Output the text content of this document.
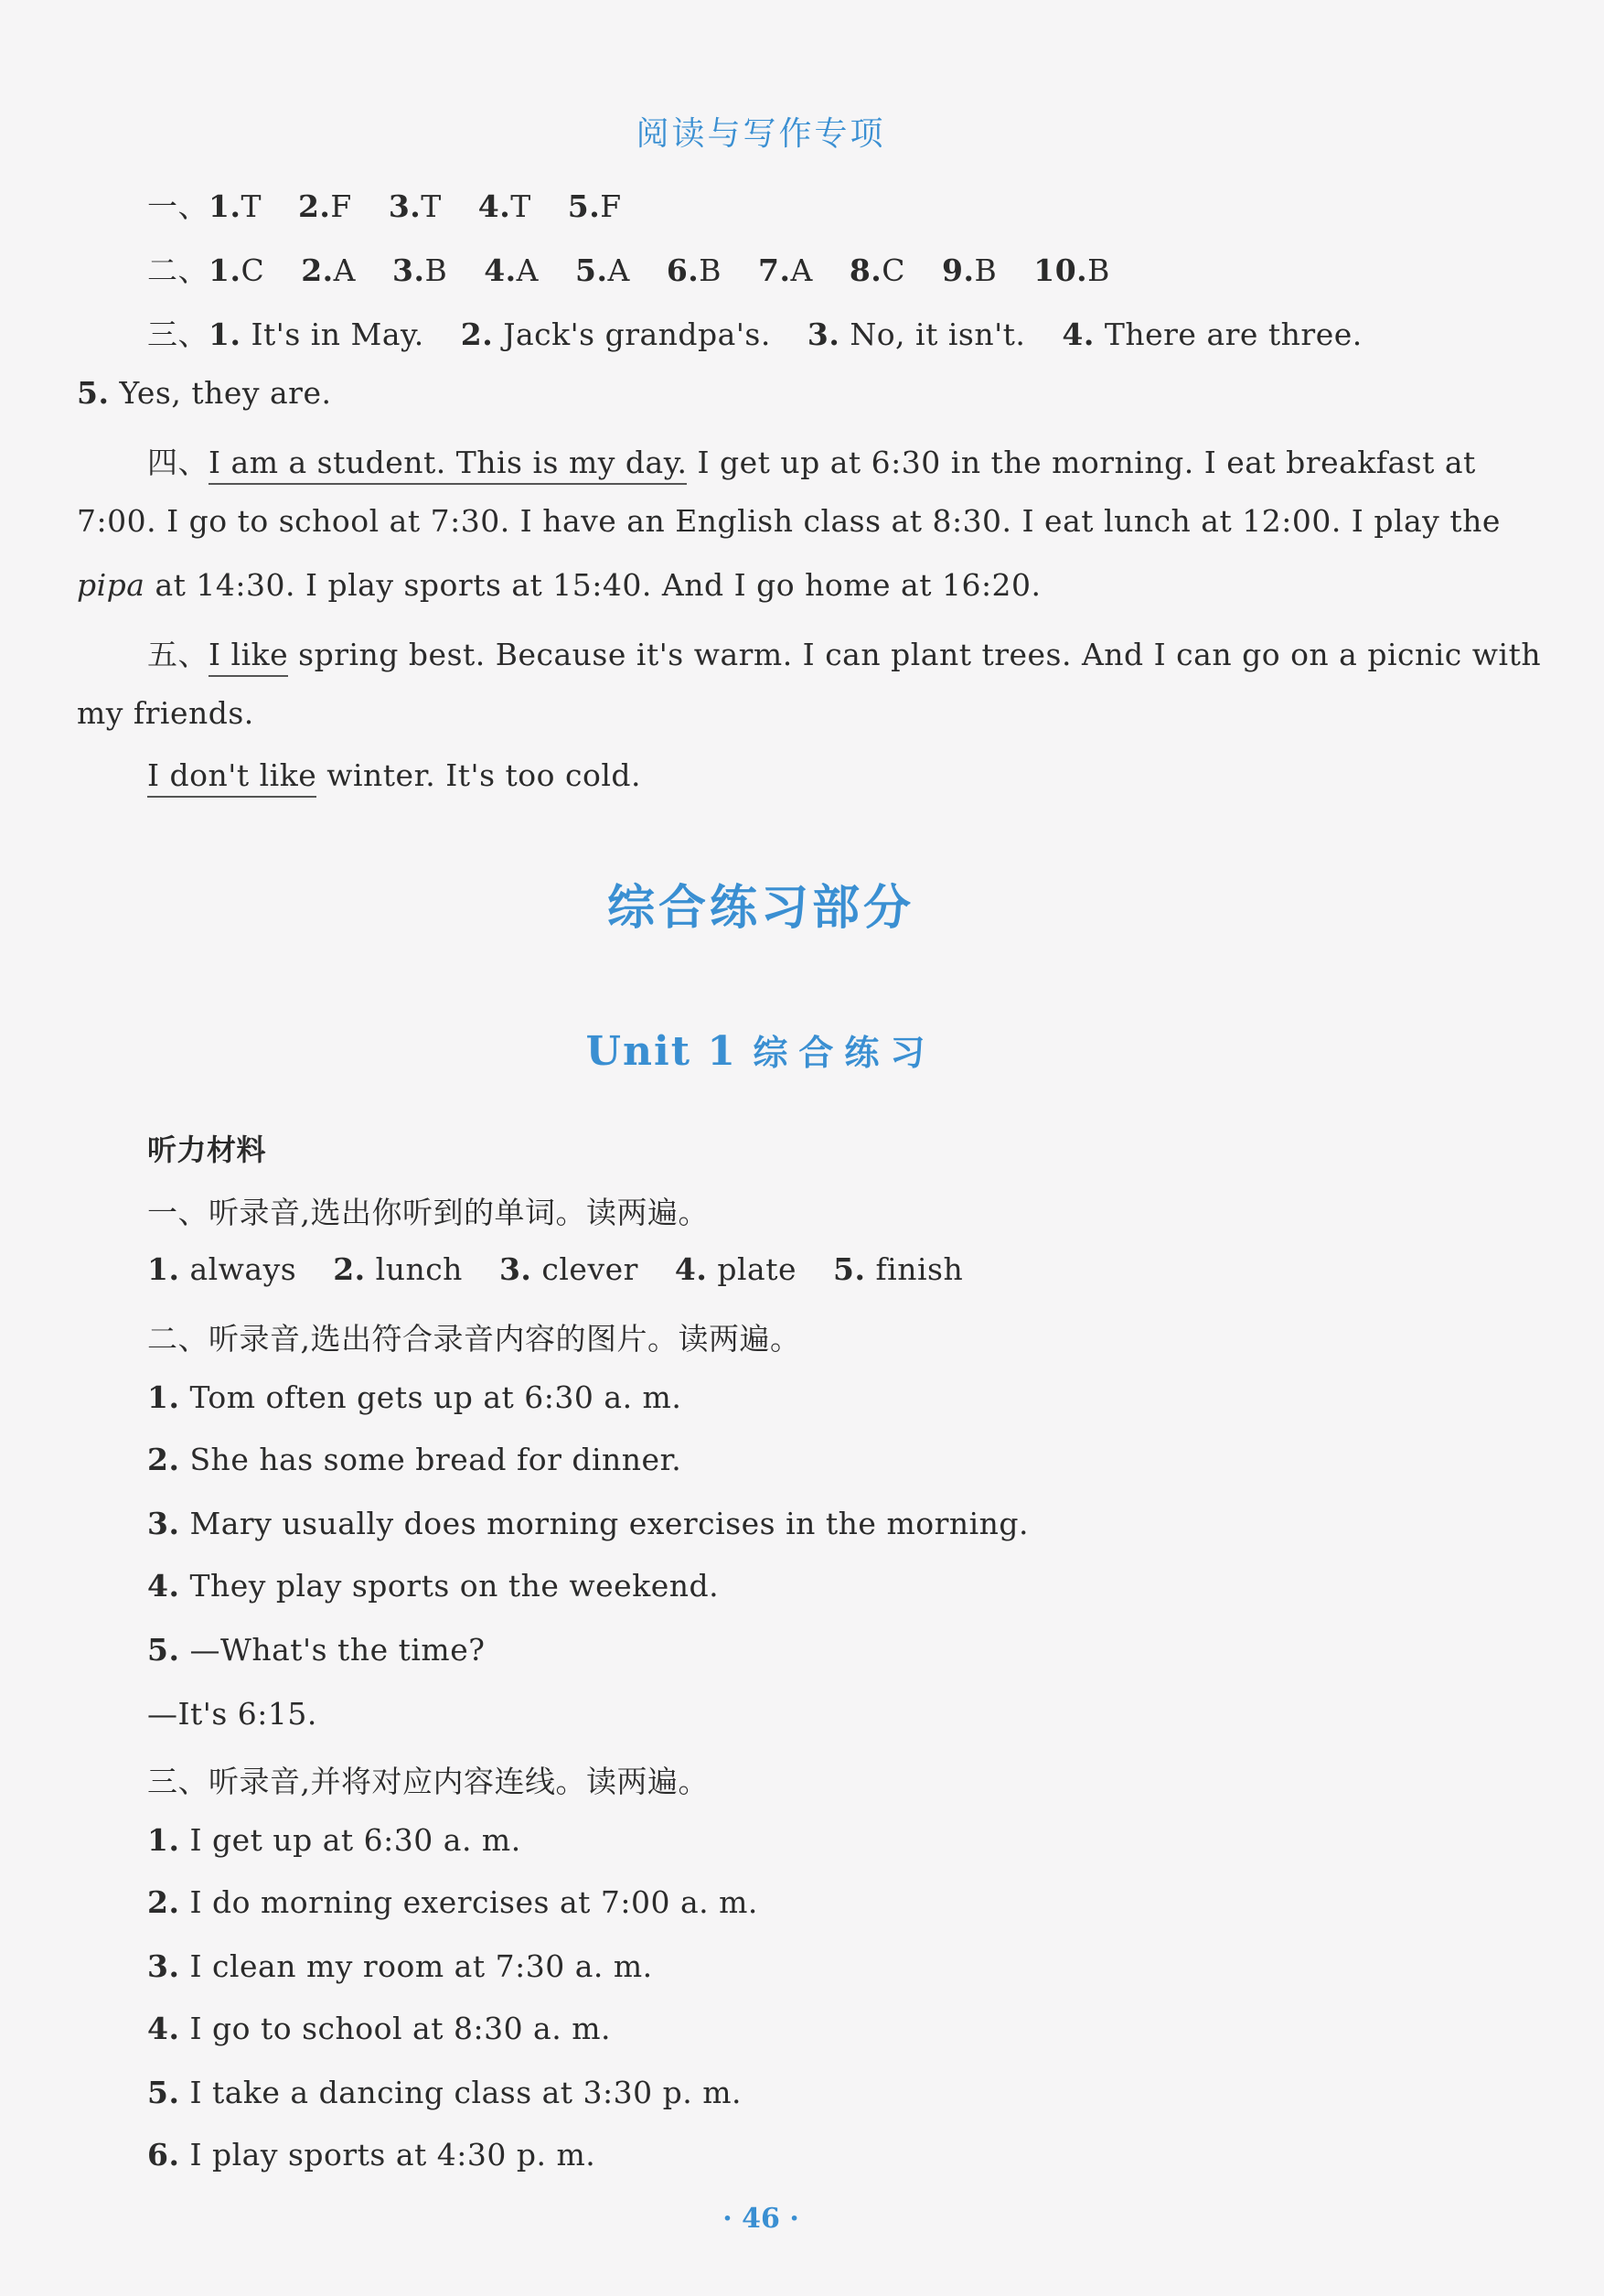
阅读与写作专项
一、1.T 2.F 3.T 4.T 5.F
二、1.C 2.A 3.B 4.A 5.A 6.B 7.A 8.C 9.B 10.B
三、1. It's in May. 2. Jack's grandpa's. 3. No, it isn't. 4. There are three.
5. Yes, they are.
四、I am a student. This is my day. I get up at 6:30 in the morning. I eat breakfast at
7:00. I go to school at 7:30. I have an English class at 8:30. I eat lunch at 12:00. I play the
pipa at 14:30. I play sports at 15:40. And I go home at 16:20.
五、I like spring best. Because it's warm. I can plant trees. And I can go on a picnic with
my friends.
I don't like winter. It's too cold.
综合练习部分
Unit 1 综合练习
听力材料
一、听录音,选出你听到的单词。读两遍。
1. always 2. lunch 3. clever 4. plate 5. finish
二、听录音,选出符合录音内容的图片。读两遍。
1. Tom often gets up at 6:30 a. m.
2. She has some bread for dinner.
3. Mary usually does morning exercises in the morning.
4. They play sports on the weekend.
5. —What's the time?
—It's 6:15.
三、听录音,并将对应内容连线。读两遍。
1. I get up at 6:30 a. m.
2. I do morning exercises at 7:00 a. m.
3. I clean my room at 7:30 a. m.
4. I go to school at 8:30 a. m.
5. I take a dancing class at 3:30 p. m.
6. I play sports at 4:30 p. m.
· 46 ·
